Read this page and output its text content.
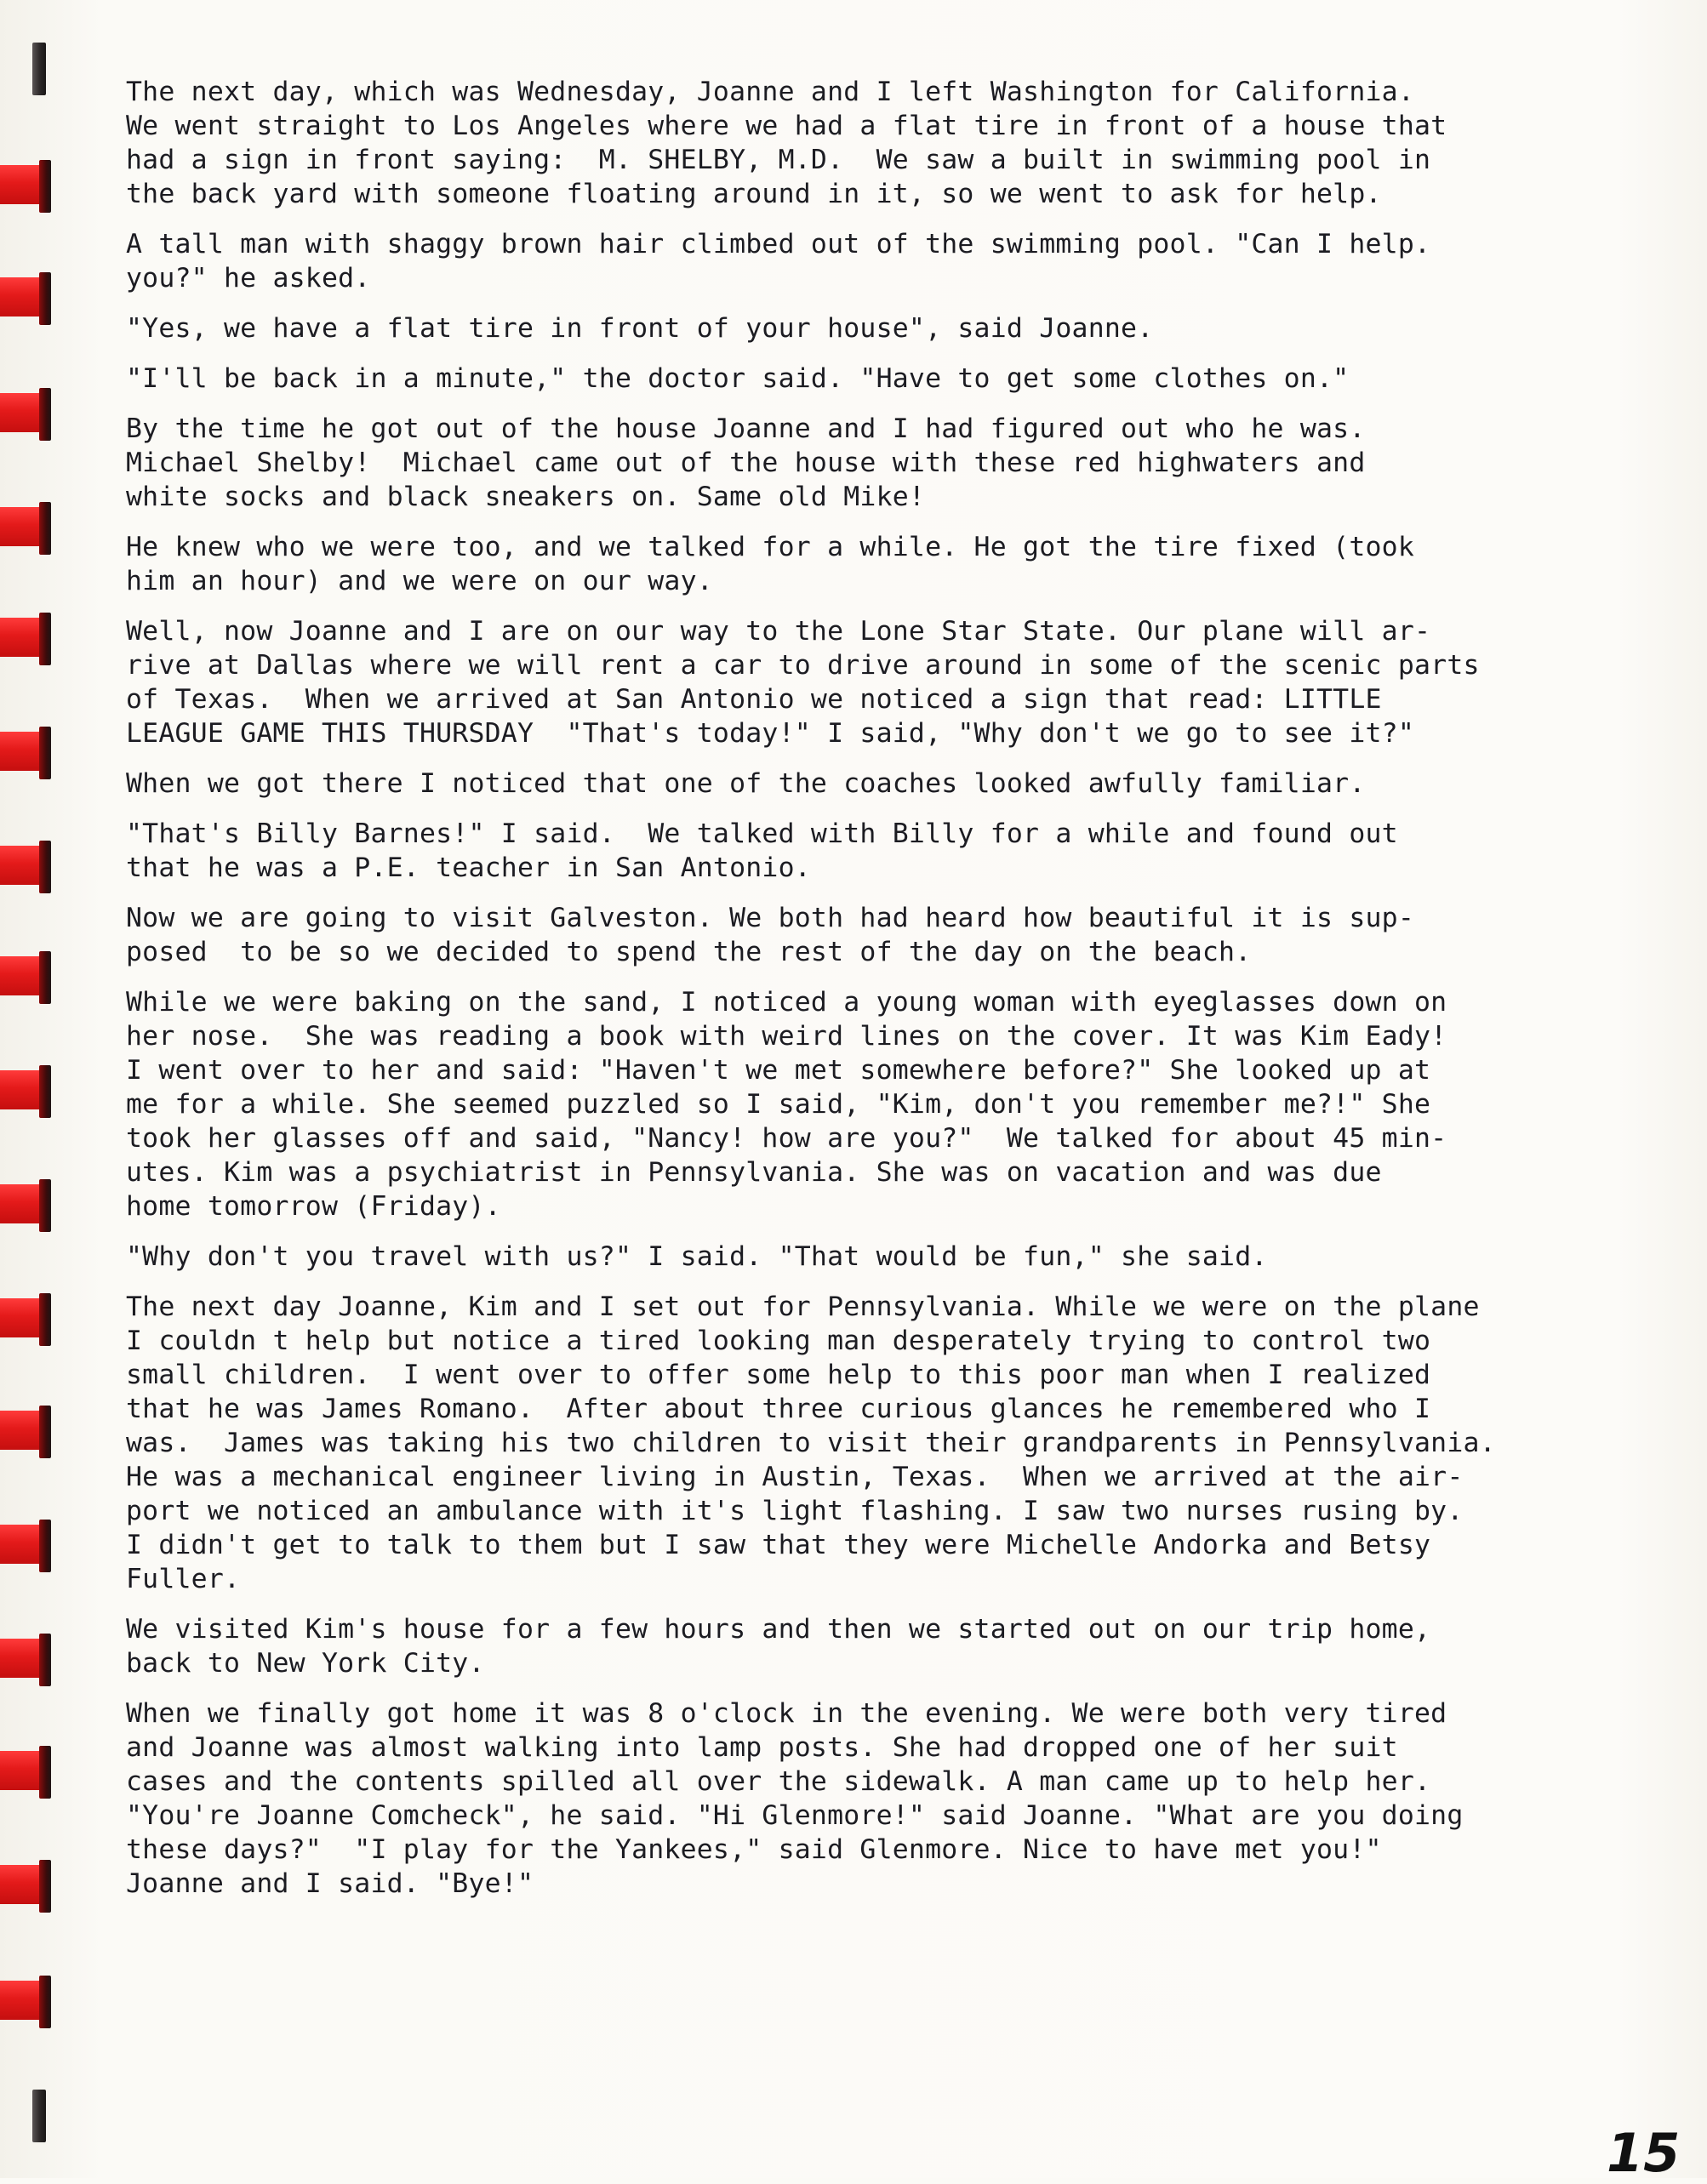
The next day, which was Wednesday, Joanne and I left Washington for California.
We went straight to Los Angeles where we had a flat tire in front of a house that
had a sign in front saying:  M. SHELBY, M.D.  We saw a built in swimming pool in
the back yard with someone floating around in it, so we went to ask for help.

A tall man with shaggy brown hair climbed out of the swimming pool. "Can I help.
you?" he asked.

"Yes, we have a flat tire in front of your house", said Joanne.

"I'll be back in a minute," the doctor said. "Have to get some clothes on."

By the time he got out of the house Joanne and I had figured out who he was.
Michael Shelby!  Michael came out of the house with these red highwaters and
white socks and black sneakers on. Same old Mike!

He knew who we were too, and we talked for a while. He got the tire fixed (took
him an hour) and we were on our way.

Well, now Joanne and I are on our way to the Lone Star State. Our plane will ar-
rive at Dallas where we will rent a car to drive around in some of the scenic parts
of Texas.  When we arrived at San Antonio we noticed a sign that read: LITTLE
LEAGUE GAME THIS THURSDAY  "That's today!" I said, "Why don't we go to see it?"

When we got there I noticed that one of the coaches looked awfully familiar.

"That's Billy Barnes!" I said.  We talked with Billy for a while and found out
that he was a P.E. teacher in San Antonio.

Now we are going to visit Galveston. We both had heard how beautiful it is sup-
posed  to be so we decided to spend the rest of the day on the beach.

While we were baking on the sand, I noticed a young woman with eyeglasses down on
her nose.  She was reading a book with weird lines on the cover. It was Kim Eady!
I went over to her and said: "Haven't we met somewhere before?" She looked up at
me for a while. She seemed puzzled so I said, "Kim, don't you remember me?!" She
took her glasses off and said, "Nancy! how are you?"  We talked for about 45 min-
utes. Kim was a psychiatrist in Pennsylvania. She was on vacation and was due
home tomorrow (Friday).

"Why don't you travel with us?" I said. "That would be fun," she said.

The next day Joanne, Kim and I set out for Pennsylvania. While we were on the plane
I couldn t help but notice a tired looking man desperately trying to control two
small children.  I went over to offer some help to this poor man when I realized
that he was James Romano.  After about three curious glances he remembered who I
was.  James was taking his two children to visit their grandparents in Pennsylvania.
He was a mechanical engineer living in Austin, Texas.  When we arrived at the air-
port we noticed an ambulance with it's light flashing. I saw two nurses rusing by.
I didn't get to talk to them but I saw that they were Michelle Andorka and Betsy
Fuller.

We visited Kim's house for a few hours and then we started out on our trip home,
back to New York City.

When we finally got home it was 8 o'clock in the evening. We were both very tired
and Joanne was almost walking into lamp posts. She had dropped one of her suit
cases and the contents spilled all over the sidewalk. A man came up to help her.
"You're Joanne Comcheck", he said. "Hi Glenmore!" said Joanne. "What are you doing
these days?"  "I play for the Yankees," said Glenmore. Nice to have met you!"
Joanne and I said. "Bye!"

15
